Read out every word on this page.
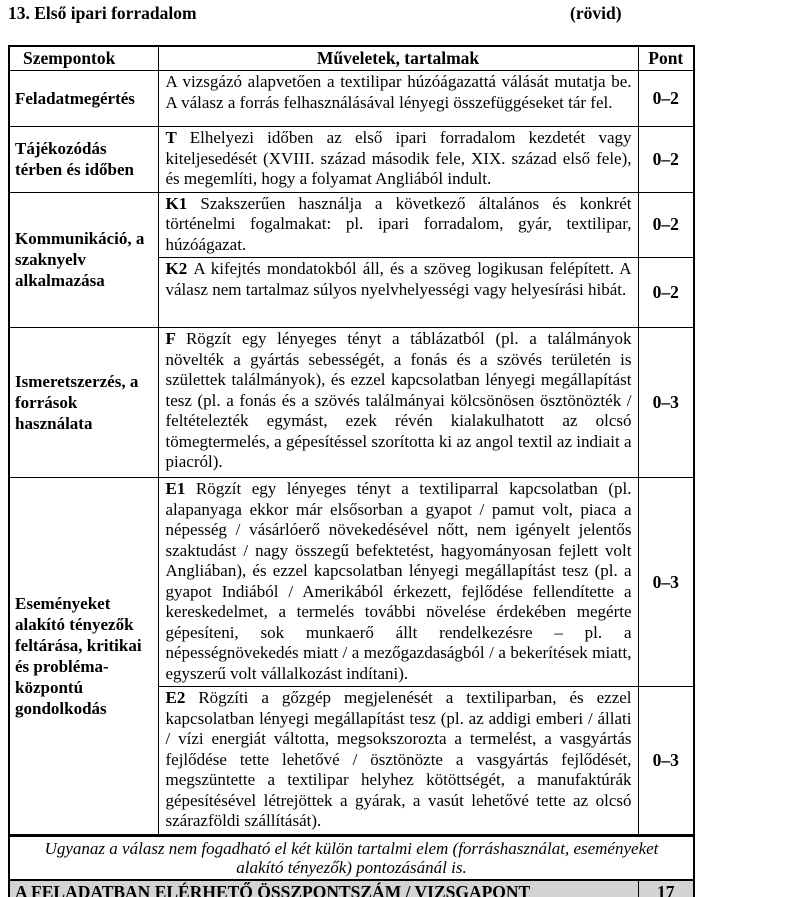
13. Első ipari forradalom	(rövid)
Szempontok	Műveletek, tartalmak	Pont
Feladatmegértés	A vizsgázó alapvetően a textilipar húzóágazattá válását mutatja be. A válasz a forrás felhasználásával lényegi összefüggéseket tár fel.	0–2
Tájékozódás térben és időben	T Elhelyezi időben az első ipari forradalom kezdetét vagy kiteljesedését (XVIII. század második fele, XIX. század első fele), és megemlíti, hogy a folyamat Angliából indult.	0–2
Kommunikáció, a szaknyelv alkalmazása	K1 Szakszerűen használja a következő általános és konkrét történelmi fogalmakat: pl. ipari forradalom, gyár, textilipar, húzóágazat.	0–2
	K2 A kifejtés mondatokból áll, és a szöveg logikusan felépített. A válasz nem tartalmaz súlyos nyelvhelyességi vagy helyesírási hibát.	0–2
Ismeretszerzés, a források használata	F Rögzít egy lényeges tényt a táblázatból (pl. a találmányok növelték a gyártás sebességét, a fonás és a szövés területén is születtek találmányok), és ezzel kapcsolatban lényegi megállapítást tesz (pl. a fonás és a szövés találmányai kölcsönösen ösztönözték / feltételezték egymást, ezek révén kialakulhatott az olcsó tömegtermelés, a gépesítéssel szorította ki az angol textil az indiait a piacról).	0–3
Eseményeket alakító tényezők feltárása, kritikai és probléma-központú gondolkodás	E1 Rögzít egy lényeges tényt a textiliparral kapcsolatban (pl. alapanyaga ekkor már elsősorban a gyapot / pamut volt, piaca a népesség / vásárlóerő növekedésével nőtt, nem igényelt jelentős szaktudást / nagy összegű befektetést, hagyományosan fejlett volt Angliában), és ezzel kapcsolatban lényegi megállapítást tesz (pl. a gyapot Indiából / Amerikából érkezett, fejlődése fellendítette a kereskedelmet, a termelés további növelése érdekében megérte gépesíteni, sok munkaerő állt rendelkezésre – pl. a népességnövekedés miatt / a mezőgazdaságból / a bekerítések miatt, egyszerű volt vállalkozást indítani).	0–3
	E2 Rögzíti a gőzgép megjelenését a textiliparban, és ezzel kapcsolatban lényegi megállapítást tesz (pl. az addigi emberi / állati / vízi energiát váltotta, megsokszorozta a termelést, a vasgyártás fejlődése tette lehetővé / ösztönözte a vasgyártás fejlődését, megszüntette a textilipar helyhez kötöttségét, a manufaktúrák gépesítésével létrejöttek a gyárak, a vasút lehetővé tette az olcsó szárazföldi szállítását).	0–3
Ugyanaz a válasz nem fogadható el két külön tartalmi elem (forráshasználat, eseményeket alakító tényezők) pontozásánál is.		
A FELADATBAN ELÉRHETŐ ÖSSZPONTSZÁM / VIZSGAPONT		17
